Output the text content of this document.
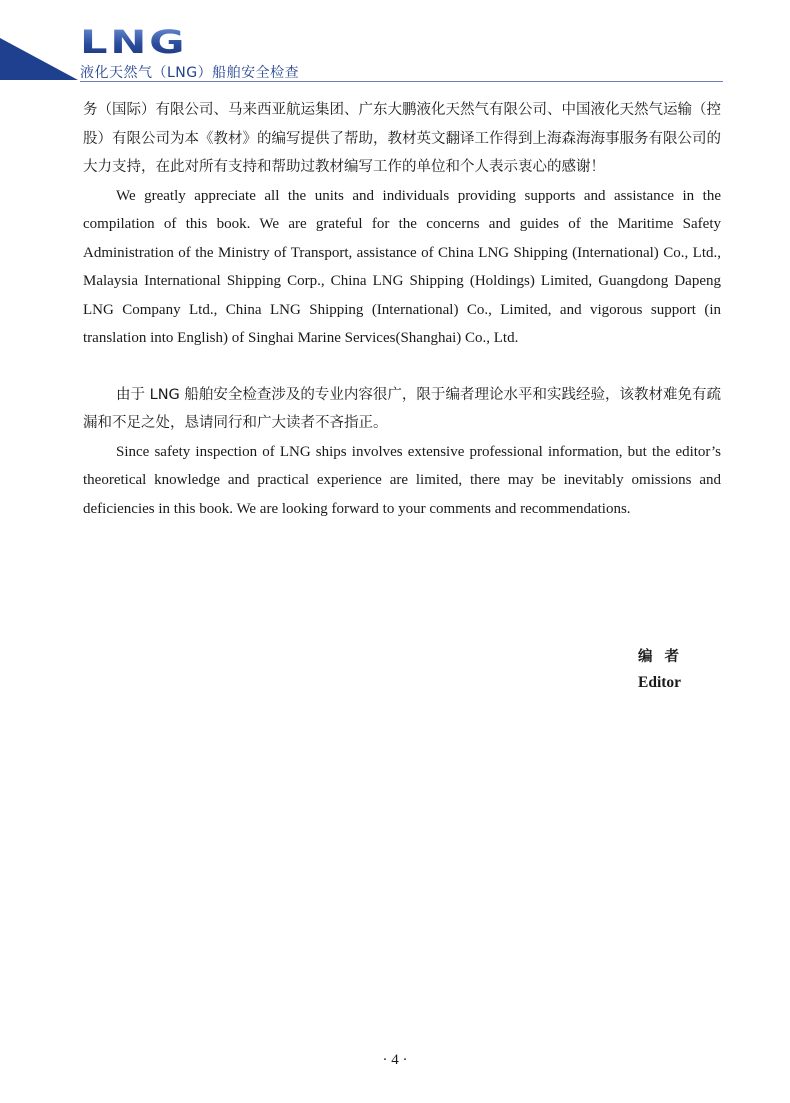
LNG
液化天然气（LNG）船舶安全检查

务（国际）有限公司、马来西亚航运集团、广东大鹏液化天然气有限公司、中国液化天然气运输（控股）有限公司为本《教材》的编写提供了帮助，教材英文翻译工作得到上海森海海事服务有限公司的大力支持，在此对所有支持和帮助过教材编写工作的单位和个人表示衷心的感谢！

We greatly appreciate all the units and individuals providing supports and assistance in the compilation of this book. We are grateful for the concerns and guides of the Maritime Safety Administration of the Ministry of Transport, assistance of China LNG Shipping (International) Co., Ltd., Malaysia International Shipping Corp., China LNG Shipping (Holdings) Limited, Guangdong Dapeng LNG Company Ltd., China LNG Shipping (International) Co., Limited, and vigorous support (in translation into English) of Singhai Marine Services(Shanghai) Co., Ltd.

由于 LNG 船舶安全检查涉及的专业内容很广，限于编者理论水平和实践经验，该教材难免有疏漏和不足之处，恳请同行和广大读者不吝指正。

Since safety inspection of LNG ships involves extensive professional information, but the editor’s theoretical knowledge and practical experience are limited, there may be inevitably omissions and deficiencies in this book. We are looking forward to your comments and recommendations.

编者
Editor
· 4 ·
